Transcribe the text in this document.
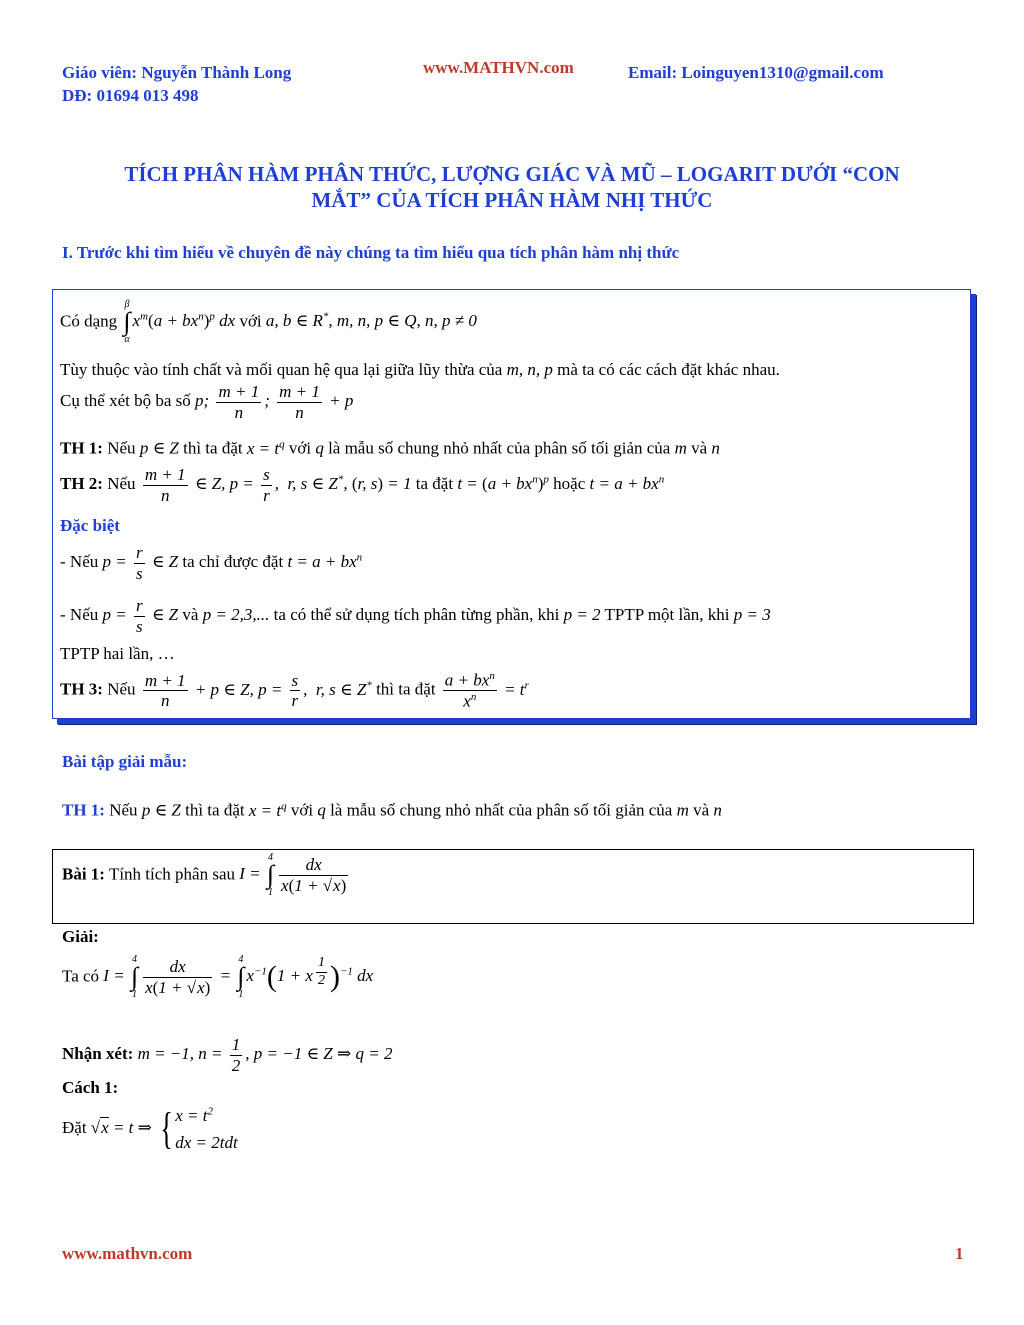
Giáo viên: Nguyễn Thành Long
DĐ: 01694 013 498
www.MATHVN.com	Email: Loinguyen1310@gmail.com
TÍCH PHÂN HÀM PHÂN THỨC, LƯỢNG GIÁC VÀ MŨ – LOGARIT DƯỚI “CON
MẮT” CỦA TÍCH PHÂN HÀM NHỊ THỨC
I. Trước khi tìm hiểu về chuyên đề này chúng ta tìm hiểu qua tích phân hàm nhị thức
Có dạng
β
∫
α
$x^m(a + bx^n)^p$ dx với a, b ∈ R*, m, n, p ∈ Q, n, p ≠ 0
Tùy thuộc vào tính chất và mối quan hệ qua lại giữa lũy thừa của m, n, p mà ta có các cách đặt khác nhau.
Cụ thể xét bộ ba số p; $\frac{m + 1}{n}$ ; $\frac{m + 1}{n} + p$
TH 1: Nếu p ∈ Z thì ta đặt $x = t^q$ với q là mẫu số chung nhỏ nhất của phân số tối giản của m và n
TH 2: Nếu $\frac{m + 1}{n}$ ∈ Z, $p = \frac{s}{r}$ ,  r, s ∈ Z*, (r, s) = 1 ta đặt $t = (a + bx^n)^p$ hoặc $t = a + bx^n$
Đặc biệt
- Nếu $p = \frac{r}{s}$ ∈ Z ta chỉ được đặt $t = a + bx^n$
- Nếu $p = \frac{r}{s}$ ∈ Z và p = 2,3,... ta có thể sử dụng tích phân từng phần, khi p = 2 TPTP một lần, khi p = 3
TPTP hai lần, …
TH 3: Nếu $\frac{m + 1}{n} + p$ ∈ Z, $p = \frac{s}{r}$ ,  r, s ∈ Z* thì ta đặt $\frac{a + bx^n}{x^n} = t^r$
Bài tập giải mẫu:
TH 1: Nếu p ∈ Z thì ta đặt $x = t^q$ với q là mẫu số chung nhỏ nhất của phân số tối giản của m và n
Bài 1: Tính tích phân sau I =
4
∫
$1 \frac{dx}{x(1 + √x)}$
Giải:
Ta có I =
4
∫
$1 \frac{dx}{x(1 + √x)}$ =
4
∫
1
$x^{-1}(1 + x$ $^{\frac{1}{2}}$ )$^{-1}$ dx
Nhận xét: m = −1, $n = \frac{1}{2}$ , p = −1 ∈ Z ⇒ q = 2
Cách 1:
Đặt √x = t ⇒ { $x = t^2$
dx = 2tdt
www.mathvn.com	1
